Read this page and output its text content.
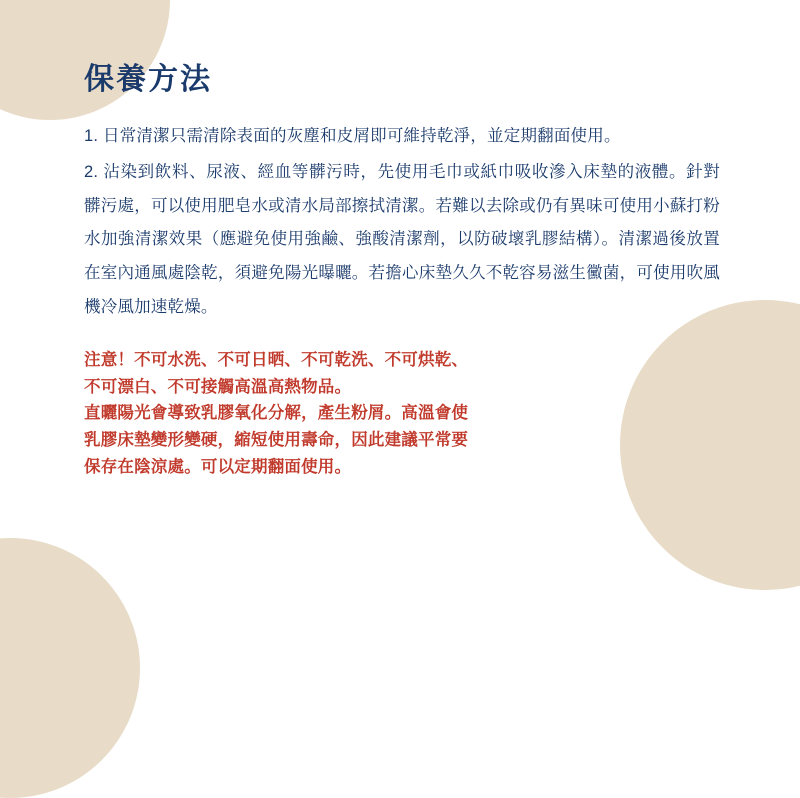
保養方法

1. 日常清潔只需清除表面的灰塵和皮屑即可維持乾淨，並定期翻面使用。

2. 沾染到飲料、尿液、經血等髒污時，先使用毛巾或紙巾吸收滲入床墊的液體。針對髒污處，可以使用肥皂水或清水局部擦拭清潔。若難以去除或仍有異味可使用小蘇打粉水加強清潔效果（應避免使用強鹼、強酸清潔劑，以防破壞乳膠結構）。清潔過後放置在室內通風處陰乾，須避免陽光曝曬。若擔心床墊久久不乾容易滋生黴菌，可使用吹風機冷風加速乾燥。

注意！不可水洗、不可日晒、不可乾洗、不可烘乾、
不可漂白、不可接觸高溫高熱物品。
直曬陽光會導致乳膠氧化分解，產生粉屑。高溫會使
乳膠床墊變形變硬，縮短使用壽命，因此建議平常要
保存在陰涼處。可以定期翻面使用。
